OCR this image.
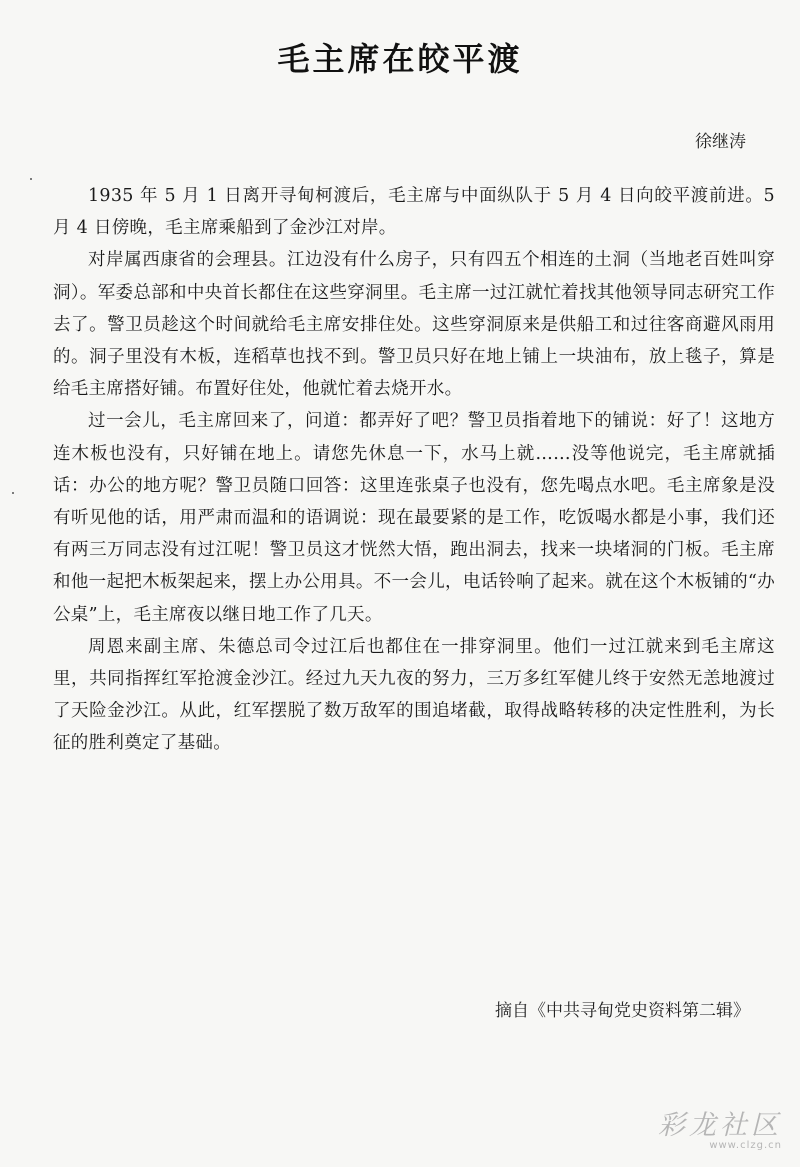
毛主席在皎平渡
徐继涛

1935 年 5 月 1 日离开寻甸柯渡后，毛主席与中面纵队于 5 月 4 日向皎平渡前进。5 月 4 日傍晚，毛主席乘船到了金沙江对岸。

对岸属西康省的会理县。江边没有什么房子，只有四五个相连的土洞（当地老百姓叫穿洞）。军委总部和中央首长都住在这些穿洞里。毛主席一过江就忙着找其他领导同志研究工作去了。警卫员趁这个时间就给毛主席安排住处。这些穿洞原来是供船工和过往客商避风雨用的。洞子里没有木板，连稻草也找不到。警卫员只好在地上铺上一块油布，放上毯子，算是给毛主席搭好铺。布置好住处，他就忙着去烧开水。

过一会儿，毛主席回来了，问道：都弄好了吧？警卫员指着地下的铺说：好了！这地方连木板也没有，只好铺在地上。请您先休息一下，水马上就……没等他说完，毛主席就插话：办公的地方呢？警卫员随口回答：这里连张桌子也没有，您先喝点水吧。毛主席象是没有听见他的话，用严肃而温和的语调说：现在最要紧的是工作，吃饭喝水都是小事，我们还有两三万同志没有过江呢！警卫员这才恍然大悟，跑出洞去，找来一块堵洞的门板。毛主席和他一起把木板架起来，摆上办公用具。不一会儿，电话铃响了起来。就在这个木板铺的“办公桌”上，毛主席夜以继日地工作了几天。

周恩来副主席、朱德总司令过江后也都住在一排穿洞里。他们一过江就来到毛主席这里，共同指挥红军抢渡金沙江。经过九天九夜的努力，三万多红军健儿终于安然无恙地渡过了天险金沙江。从此，红军摆脱了数万敌军的围追堵截，取得战略转移的决定性胜利，为长征的胜利奠定了基础。

摘自《中共寻甸党史资料第二辑》
彩龙社区
www.clzg.cn
